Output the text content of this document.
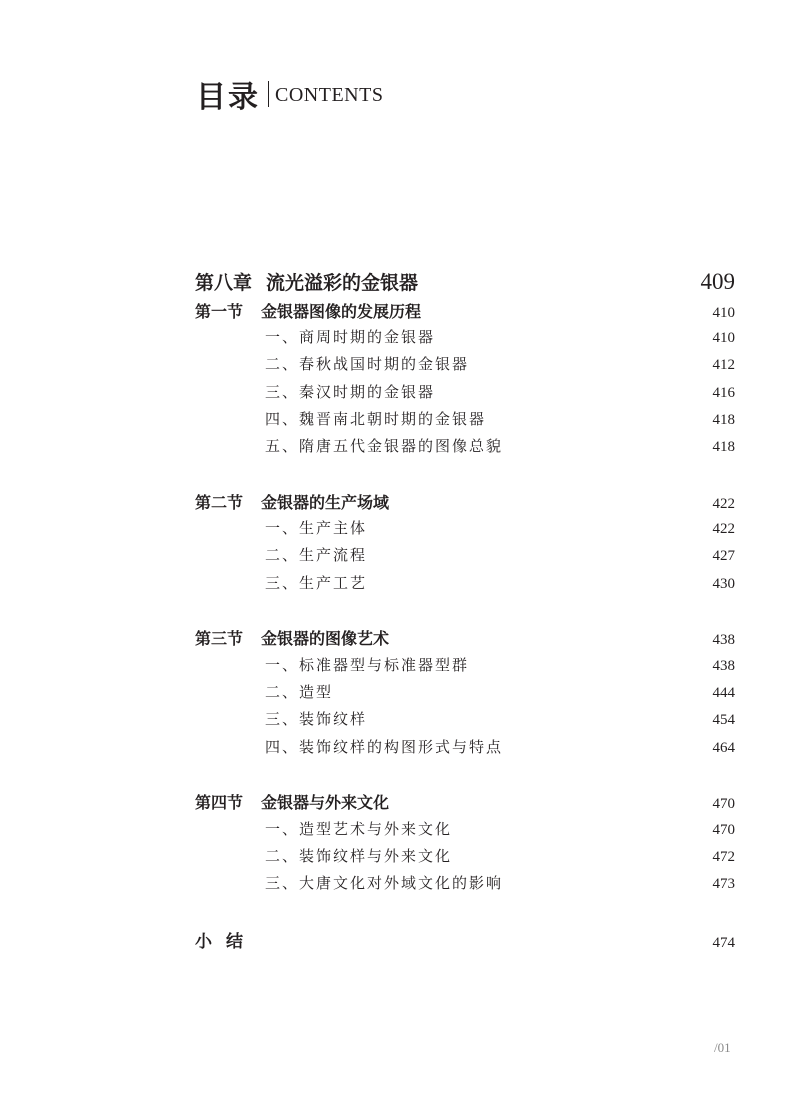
目录 CONTENTS
第八章 流光溢彩的金银器	409
第一节 金银器图像的发展历程	410
一、商周时期的金银器	410
二、春秋战国时期的金银器	412
三、秦汉时期的金银器	416
四、魏晋南北朝时期的金银器	418
五、隋唐五代金银器的图像总貌	418
第二节 金银器的生产场域	422
一、生产主体	422
二、生产流程	427
三、生产工艺	430
第三节 金银器的图像艺术	438
一、标准器型与标准器型群	438
二、造型	444
三、装饰纹样	454
四、装饰纹样的构图形式与特点	464
第四节 金银器与外来文化	470
一、造型艺术与外来文化	470
二、装饰纹样与外来文化	472
三、大唐文化对外域文化的影响	473
小结	474
/01
